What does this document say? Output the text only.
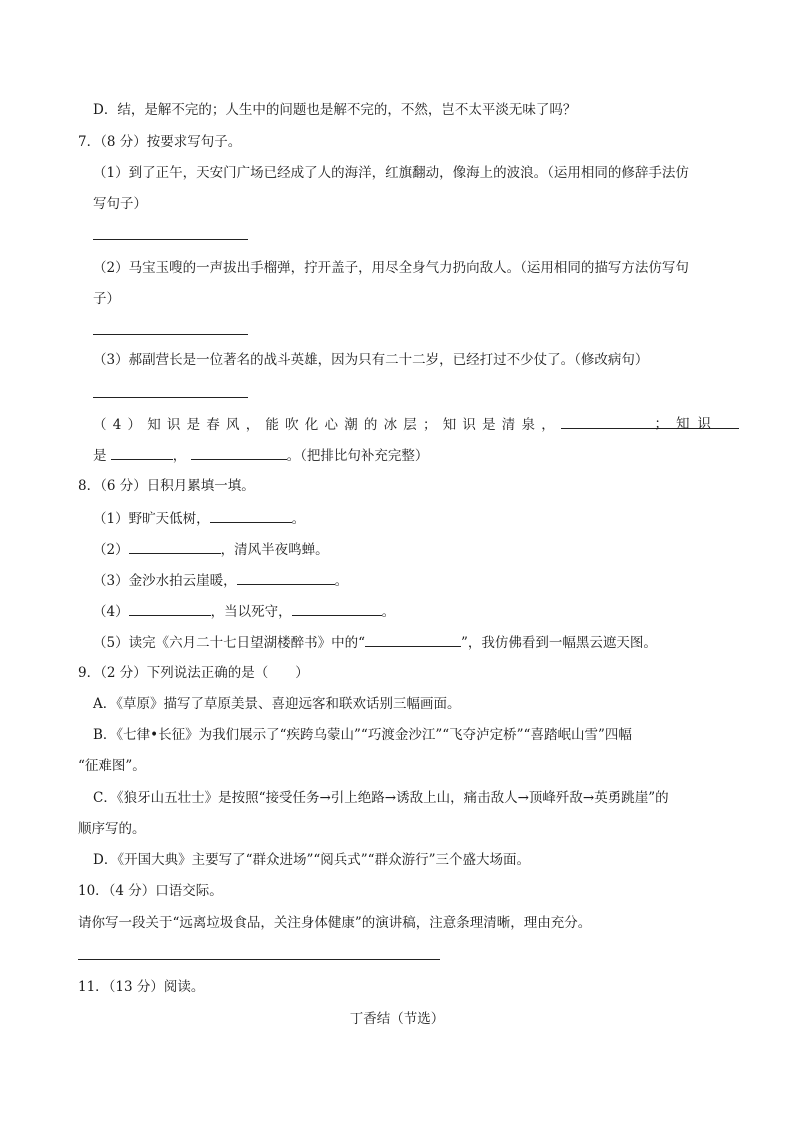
D．结，是解不完的；人生中的问题也是解不完的，不然，岂不太平淡无味了吗？
7．（8 分）按要求写句子。
（1）到了正午，天安门广场已经成了人的海洋，红旗翻动，像海上的波浪。（运用相同的修辞手法仿
写句子）
（2）马宝玉嗖的一声拔出手榴弹，拧开盖子，用尽全身气力扔向敌人。（运用相同的描写方法仿写句
子）
（3）郝副营长是一位著名的战斗英雄，因为只有二十二岁，已经打过不少仗了。（修改病句）
（4）知识是春风，能吹化心潮的冰层；知识是清泉，	；知识
是	，	。（把排比句补充完整）
8．（6 分）日积月累填一填。
（1）野旷天低树，	。
（2）	，清风半夜鸣蝉。
（3）金沙水拍云崖暖，	。
（4）	，当以死守，	。
（5）读完《六月二十七日望湖楼醉书》中的“	”，我仿佛看到一幅黑云遮天图。
9．（2 分）下列说法正确的是（　　）
A．《草原》描写了草原美景、喜迎远客和联欢话别三幅画面。
B．《七律•长征》为我们展示了“疾跨乌蒙山”“巧渡金沙江”“飞夺泸定桥”“喜踏岷山雪”四幅
“征难图”。
C．《狼牙山五壮士》是按照“接受任务→引上绝路→诱敌上山，痛击敌人→顶峰歼敌→英勇跳崖”的
顺序写的。
D．《开国大典》主要写了“群众进场”“阅兵式”“群众游行”三个盛大场面。
10．（4 分）口语交际。
请你写一段关于“远离垃圾食品，关注身体健康”的演讲稿，注意条理清晰，理由充分。
11．（13 分）阅读。
丁香结（节选）
